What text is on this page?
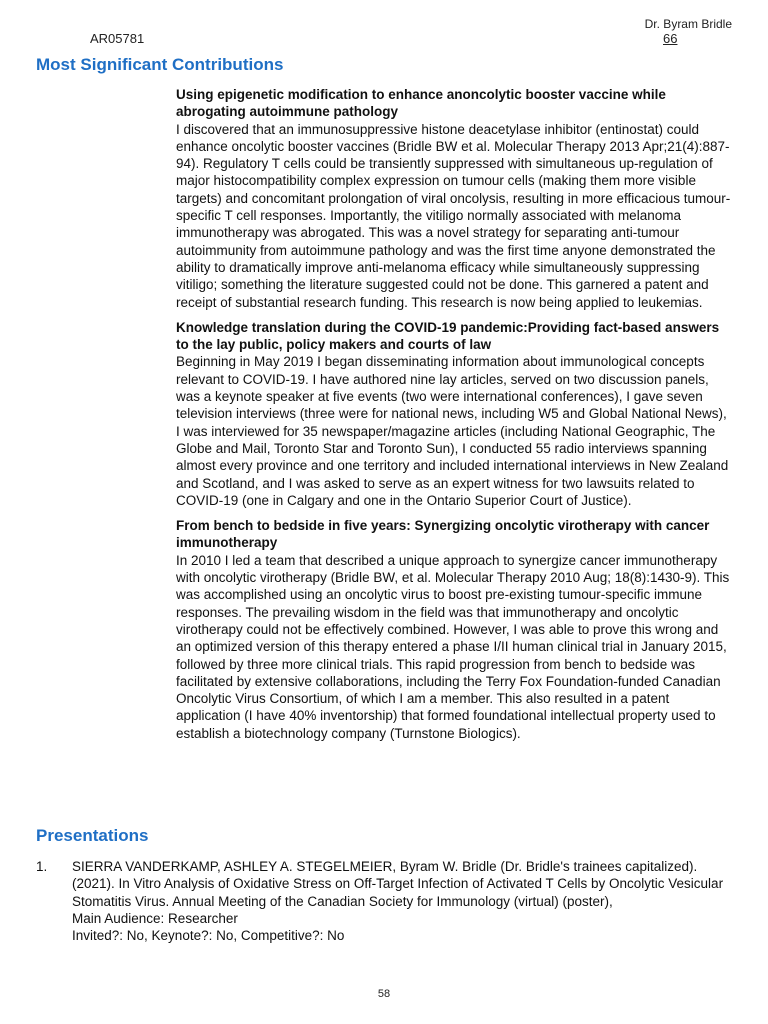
Dr. Byram Bridle
AR05781	66
Most Significant Contributions
Using epigenetic modification to enhance anoncolytic booster vaccine while abrogating autoimmune pathology
I discovered that an immunosuppressive histone deacetylase inhibitor (entinostat) could enhance oncolytic booster vaccines (Bridle BW et al. Molecular Therapy 2013 Apr;21(4):887-94). Regulatory T cells could be transiently suppressed with simultaneous up-regulation of major histocompatibility complex expression on tumour cells (making them more visible targets) and concomitant prolongation of viral oncolysis, resulting in more efficacious tumour-specific T cell responses. Importantly, the vitiligo normally associated with melanoma immunotherapy was abrogated. This was a novel strategy for separating anti-tumour autoimmunity from autoimmune pathology and was the first time anyone demonstrated the ability to dramatically improve anti-melanoma efficacy while simultaneously suppressing vitiligo; something the literature suggested could not be done. This garnered a patent and receipt of substantial research funding. This research is now being applied to leukemias.
Knowledge translation during the COVID-19 pandemic:Providing fact-based answers to the lay public, policy makers and courts of law
Beginning in May 2019 I began disseminating information about immunological concepts relevant to COVID-19. I have authored nine lay articles, served on two discussion panels, was a keynote speaker at five events (two were international conferences), I gave seven television interviews (three were for national news, including W5 and Global National News), I was interviewed for 35 newspaper/magazine articles (including National Geographic, The Globe and Mail, Toronto Star and Toronto Sun), I conducted 55 radio interviews spanning almost every province and one territory and included international interviews in New Zealand and Scotland, and I was asked to serve as an expert witness for two lawsuits related to COVID-19 (one in Calgary and one in the Ontario Superior Court of Justice).
From bench to bedside in five years: Synergizing oncolytic virotherapy with cancer immunotherapy
In 2010 I led a team that described a unique approach to synergize cancer immunotherapy with oncolytic virotherapy (Bridle BW, et al. Molecular Therapy 2010 Aug; 18(8):1430-9). This was accomplished using an oncolytic virus to boost pre-existing tumour-specific immune responses. The prevailing wisdom in the field was that immunotherapy and oncolytic virotherapy could not be effectively combined. However, I was able to prove this wrong and an optimized version of this therapy entered a phase I/II human clinical trial in January 2015, followed by three more clinical trials. This rapid progression from bench to bedside was facilitated by extensive collaborations, including the Terry Fox Foundation-funded Canadian Oncolytic Virus Consortium, of which I am a member. This also resulted in a patent application (I have 40% inventorship) that formed foundational intellectual property used to establish a biotechnology company (Turnstone Biologics).
Presentations
1. SIERRA VANDERKAMP, ASHLEY A. STEGELMEIER, Byram W. Bridle (Dr. Bridle's trainees capitalized). (2021). In Vitro Analysis of Oxidative Stress on Off-Target Infection of Activated T Cells by Oncolytic Vesicular Stomatitis Virus. Annual Meeting of the Canadian Society for Immunology (virtual) (poster),
Main Audience: Researcher
Invited?: No, Keynote?: No, Competitive?: No
58
